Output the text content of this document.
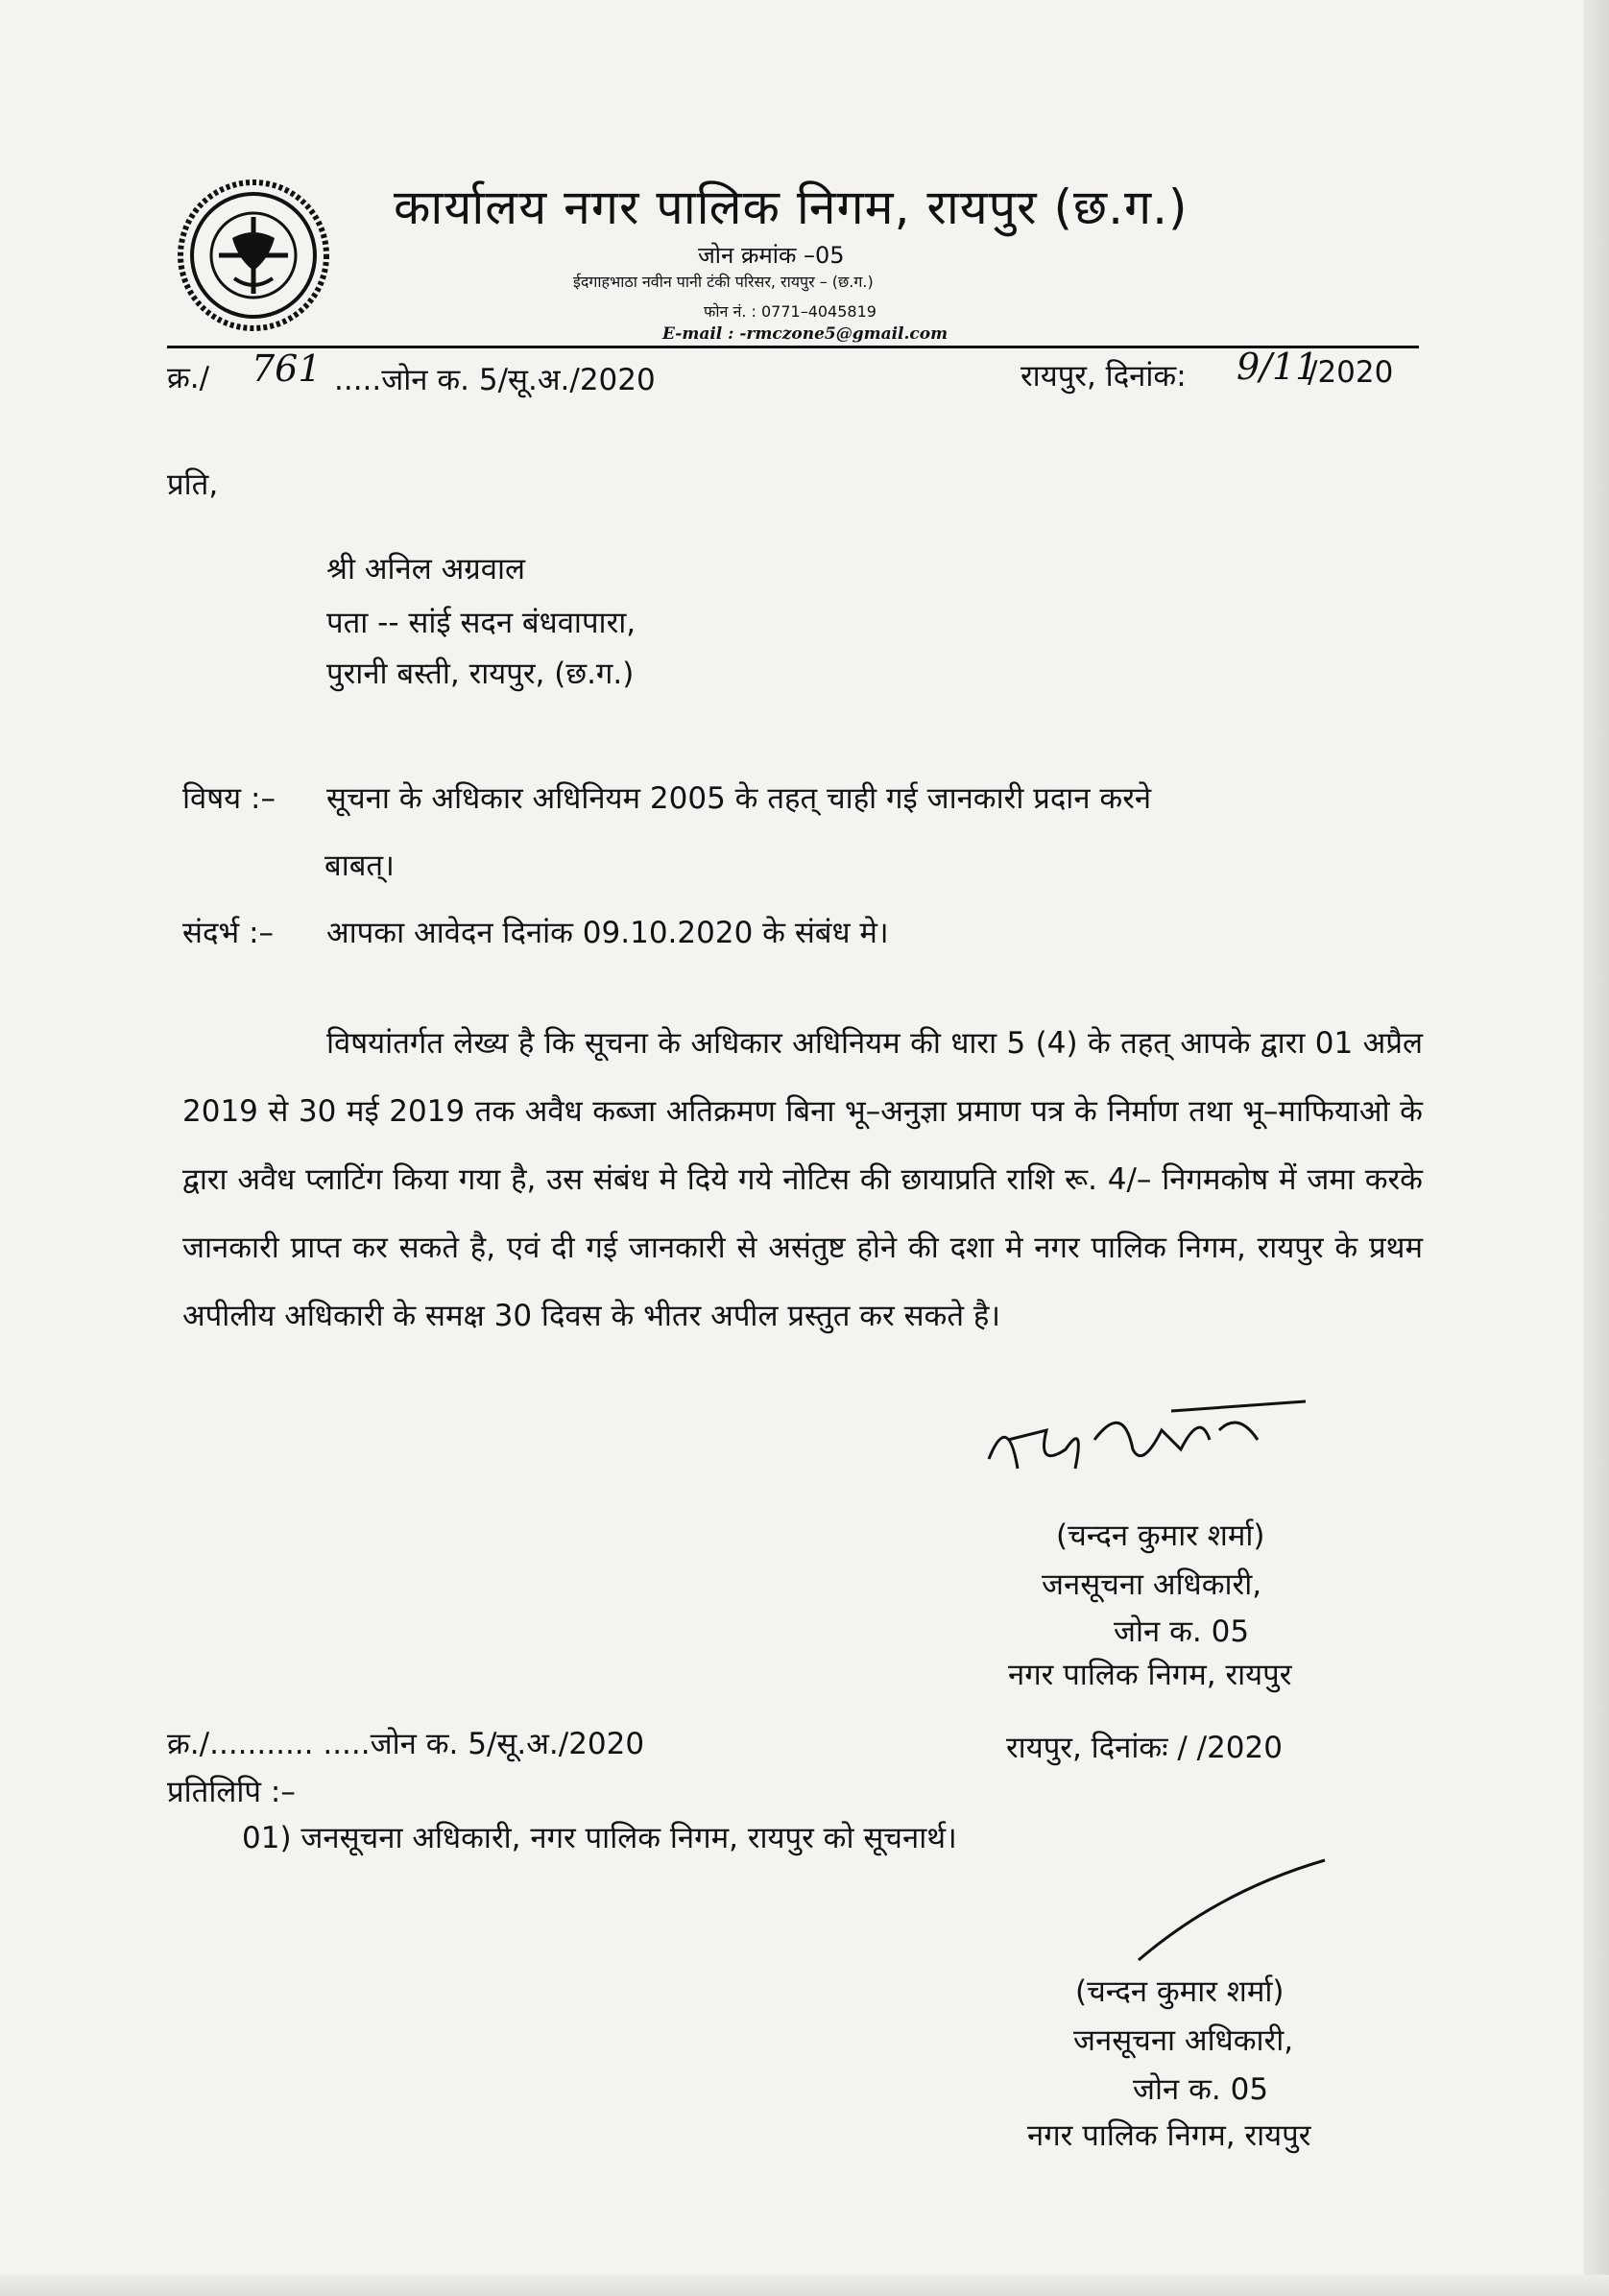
कार्यालय नगर पालिक निगम, रायपुर (छ.ग.)
जोन क्रमांक –05
ईदगाहभाठा नवीन पानी टंकी परिसर, रायपुर – (छ.ग.)
फोन नं. : 0771–4045819
E-mail : -rmczone5@gmail.com
क्र./ 761 .....जोन क. 5/सू.अ./2020	रायपुर, दिनांक: 9/11
/2020
प्रति,
श्री अनिल अग्रवाल
पता -- सांई सदन बंधवापारा,
पुरानी बस्ती, रायपुर, (छ.ग.)
विषय :– सूचना के अधिकार अधिनियम 2005 के तहत् चाही गई जानकारी प्रदान करने
बाबत्।
संदर्भ :– आपका आवेदन दिनांक 09.10.2020 के संबंध मे।

विषयांतर्गत लेख्य है कि सूचना के अधिकार अधिनियम की धारा 5 (4) के तहत् आपके द्वारा 01 अप्रैल 2019 से 30 मई 2019 तक अवैध कब्जा अतिक्रमण बिना भू–अनुज्ञा प्रमाण पत्र के निर्माण तथा भू–माफियाओ के द्वारा अवैध प्लाटिंग किया गया है, उस संबंध मे दिये गये नोटिस की छायाप्रति राशि रू. 4/– निगमकोष में जमा करके जानकारी प्राप्त कर सकते है, एवं दी गई जानकारी से असंतुष्ट होने की दशा मे नगर पालिक निगम, रायपुर के प्रथम अपीलीय अधिकारी के समक्ष 30 दिवस के भीतर अपील प्रस्तुत कर सकते है।

(चन्दन कुमार शर्मा)
जनसूचना अधिकारी,
जोन क. 05
नगर पालिक निगम, रायपुर
क्र./........... .....जोन क. 5/सू.अ./2020	रायपुर, दिनांकः / /2020
प्रतिलिपि :–
01) जनसूचना अधिकारी, नगर पालिक निगम, रायपुर को सूचनार्थ।
(चन्दन कुमार शर्मा)
जनसूचना अधिकारी,
जोन क. 05
नगर पालिक निगम, रायपुर
